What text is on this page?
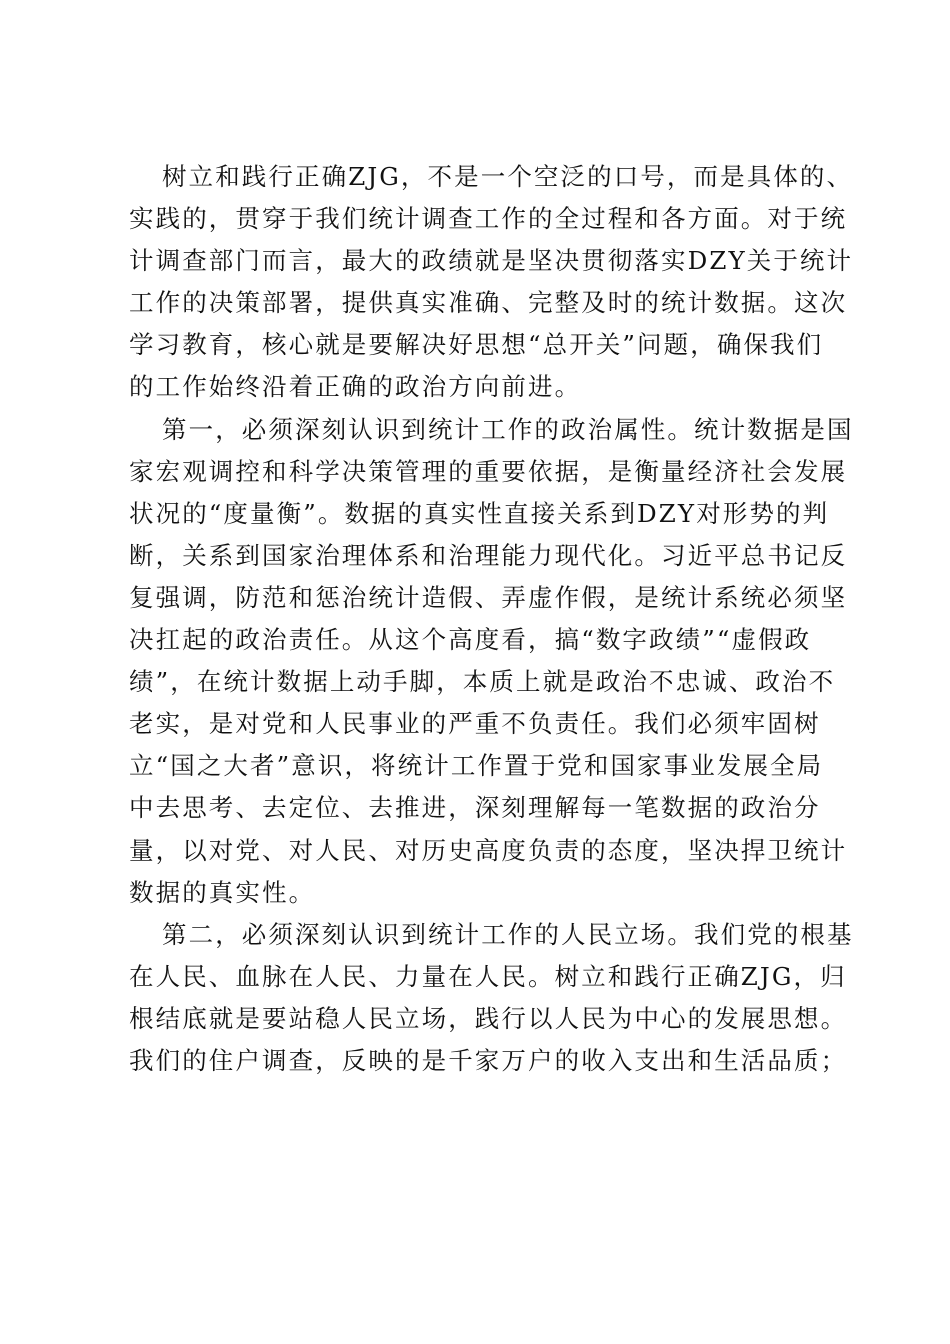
树立和践行正确ZJG，不是一个空泛的口号，而是具体的、
实践的，贯穿于我们统计调查工作的全过程和各方面。对于统
计调查部门而言，最大的政绩就是坚决贯彻落实DZY关于统计
工作的决策部署，提供真实准确、完整及时的统计数据。这次
学习教育，核心就是要解决好思想“总开关”问题，确保我们
的工作始终沿着正确的政治方向前进。
第一，必须深刻认识到统计工作的政治属性。统计数据是国
家宏观调控和科学决策管理的重要依据，是衡量经济社会发展
状况的“度量衡”。数据的真实性直接关系到DZY对形势的判
断，关系到国家治理体系和治理能力现代化。习近平总书记反
复强调，防范和惩治统计造假、弄虚作假，是统计系统必须坚
决扛起的政治责任。从这个高度看，搞“数字政绩”“虚假政
绩”，在统计数据上动手脚，本质上就是政治不忠诚、政治不
老实，是对党和人民事业的严重不负责任。我们必须牢固树
立“国之大者”意识，将统计工作置于党和国家事业发展全局
中去思考、去定位、去推进，深刻理解每一笔数据的政治分
量，以对党、对人民、对历史高度负责的态度，坚决捍卫统计
数据的真实性。
第二，必须深刻认识到统计工作的人民立场。我们党的根基
在人民、血脉在人民、力量在人民。树立和践行正确ZJG，归
根结底就是要站稳人民立场，践行以人民为中心的发展思想。
我们的住户调查，反映的是千家万户的收入支出和生活品质；
